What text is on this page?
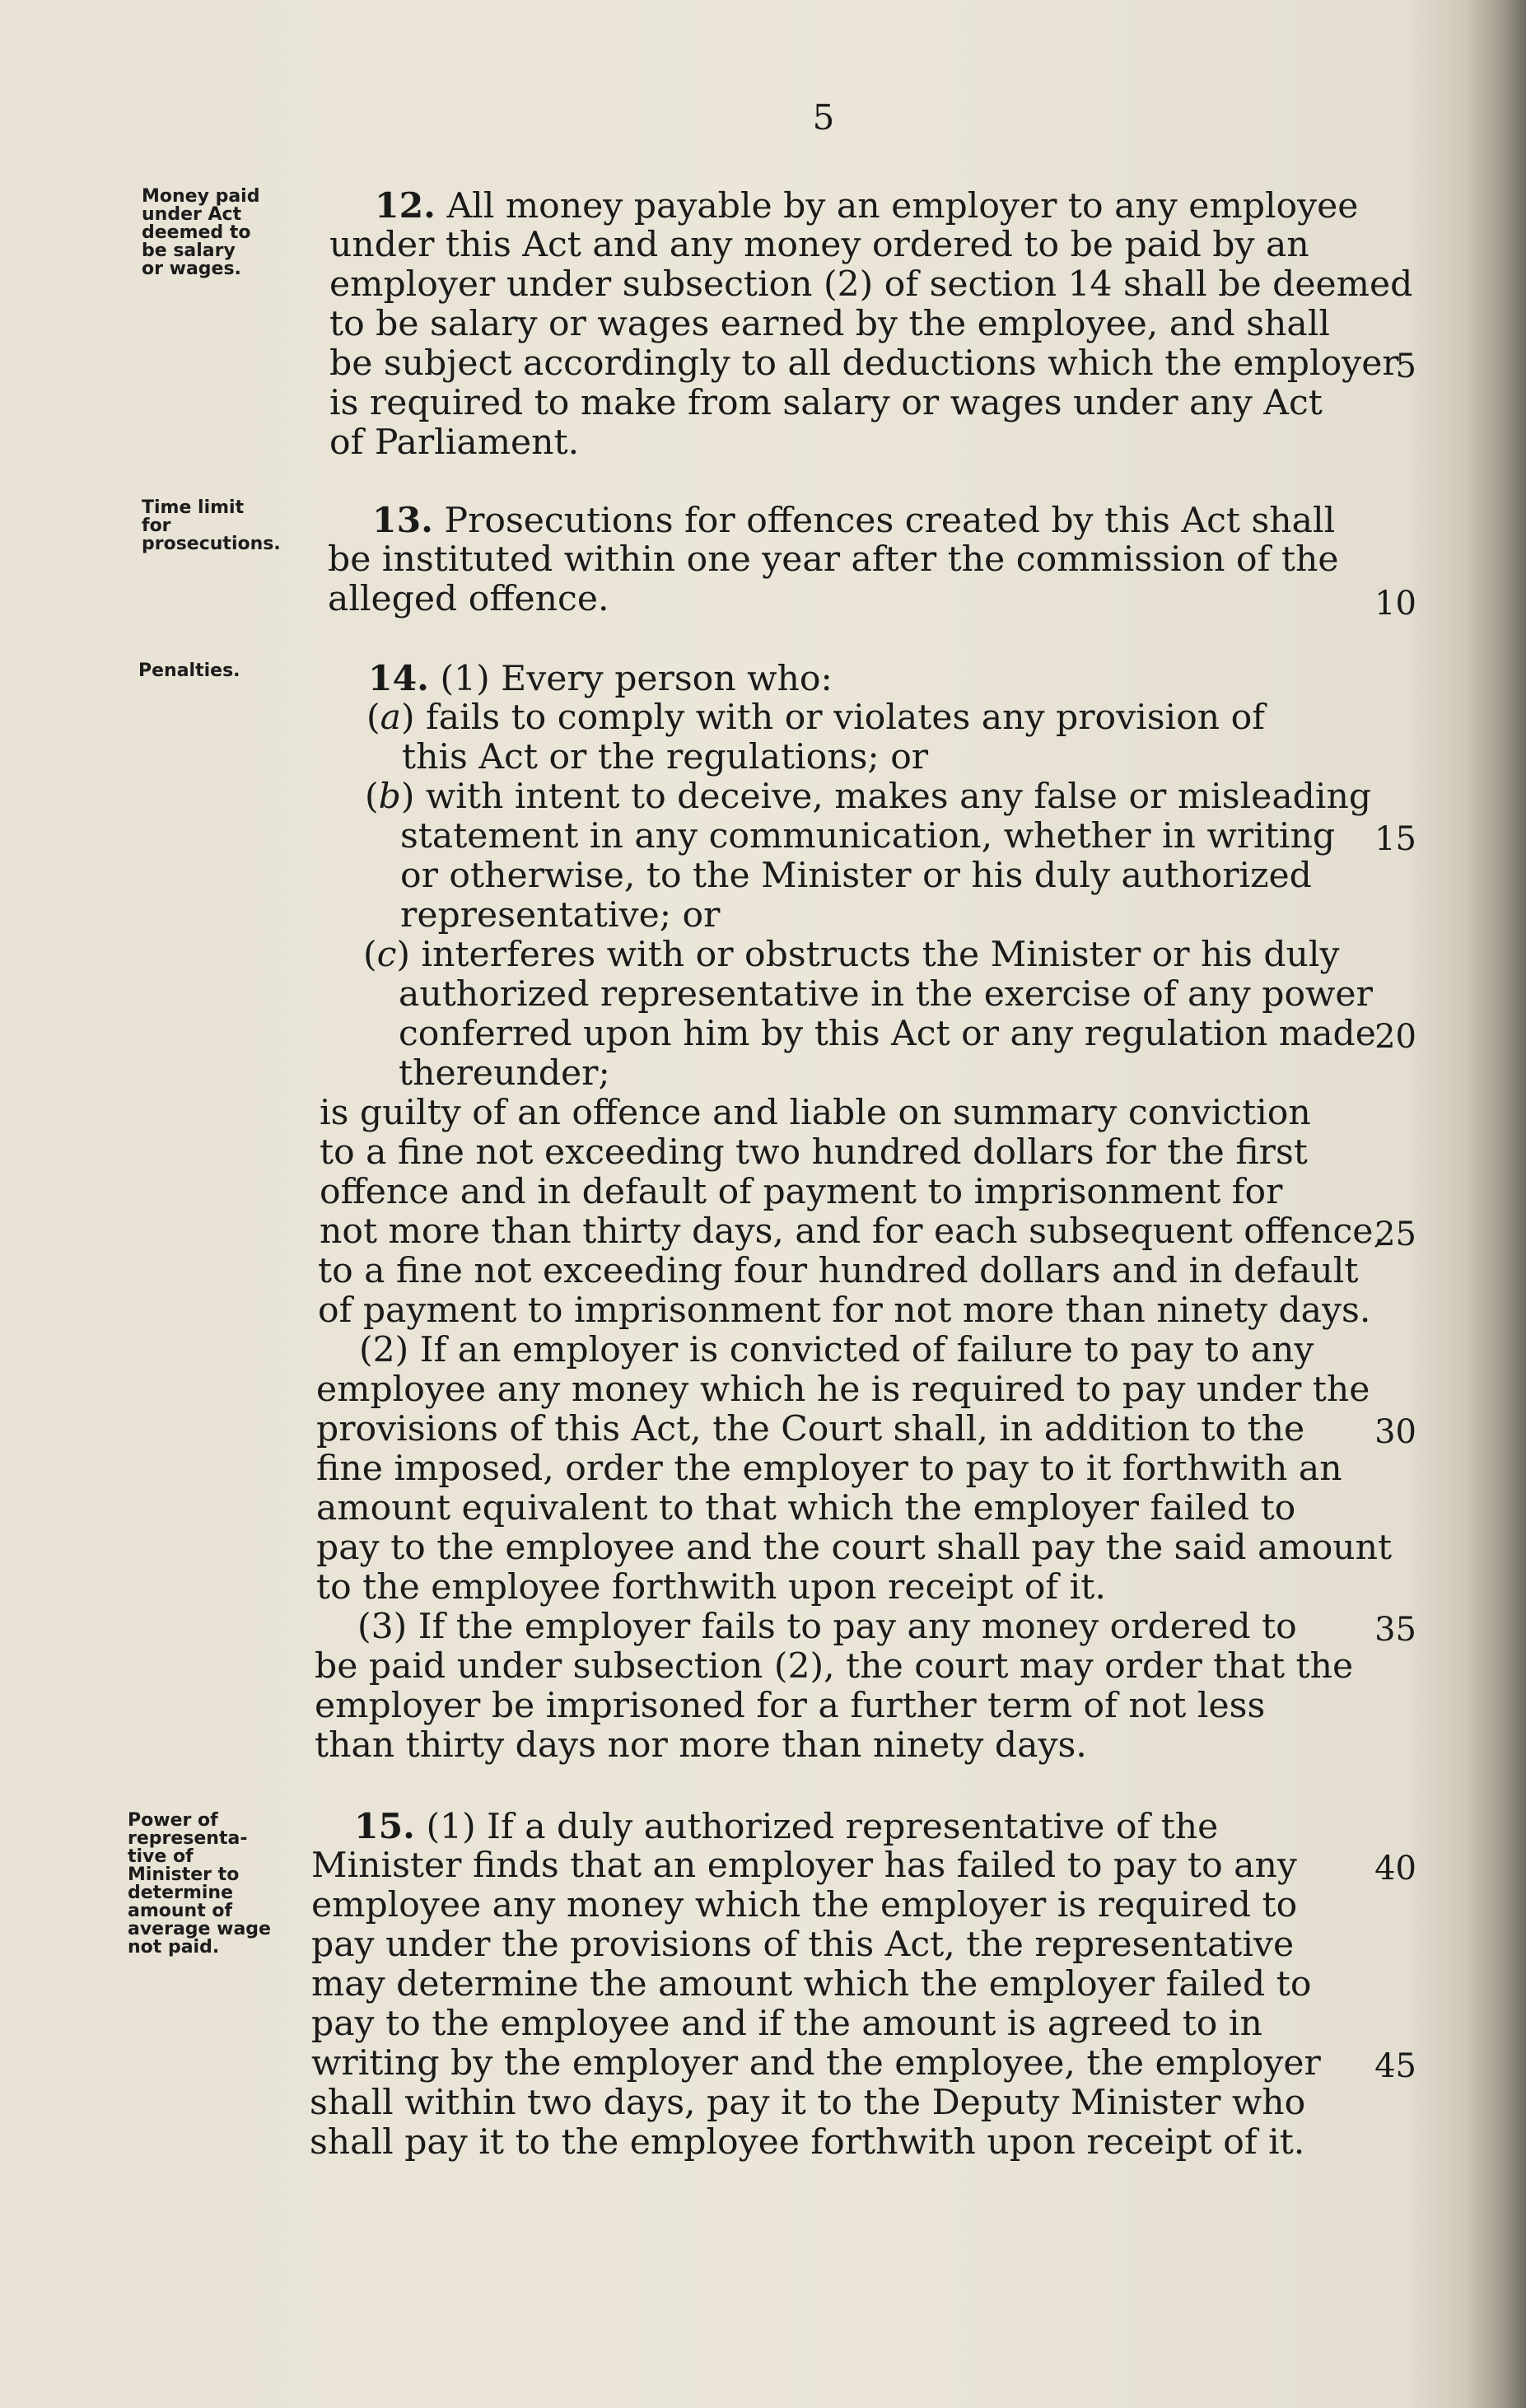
5
Money paid
under Act
deemed to
be salary
or wages.
Time limit
for
prosecutions.
Penalties.
Power of
representa-
tive of
Minister to
determine
amount of
average wage
not paid.
12. All money payable by an employer to any employee
under this Act and any money ordered to be paid by an
employer under subsection (2) of section 14 shall be deemed
to be salary or wages earned by the employee, and shall
be subject accordingly to all deductions which the employer
is required to make from salary or wages under any Act
of Parliament.
13. Prosecutions for offences created by this Act shall
be instituted within one year after the commission of the
alleged offence.
14. (1) Every person who:
(a) fails to comply with or violates any provision of
this Act or the regulations; or
(b) with intent to deceive, makes any false or misleading
statement in any communication, whether in writing
or otherwise, to the Minister or his duly authorized
representative; or
(c) interferes with or obstructs the Minister or his duly
authorized representative in the exercise of any power
conferred upon him by this Act or any regulation made
thereunder;
is guilty of an offence and liable on summary conviction
to a fine not exceeding two hundred dollars for the first
offence and in default of payment to imprisonment for
not more than thirty days, and for each subsequent offence,
to a fine not exceeding four hundred dollars and in default
of payment to imprisonment for not more than ninety days.
(2) If an employer is convicted of failure to pay to any
employee any money which he is required to pay under the
provisions of this Act, the Court shall, in addition to the
fine imposed, order the employer to pay to it forthwith an
amount equivalent to that which the employer failed to
pay to the employee and the court shall pay the said amount
to the employee forthwith upon receipt of it.
(3) If the employer fails to pay any money ordered to
be paid under subsection (2), the court may order that the
employer be imprisoned for a further term of not less
than thirty days nor more than ninety days.
15. (1) If a duly authorized representative of the
Minister finds that an employer has failed to pay to any
employee any money which the employer is required to
pay under the provisions of this Act, the representative
may determine the amount which the employer failed to
pay to the employee and if the amount is agreed to in
writing by the employer and the employee, the employer
shall within two days, pay it to the Deputy Minister who
shall pay it to the employee forthwith upon receipt of it.
5
10
15
20
25
30
35
40
45
